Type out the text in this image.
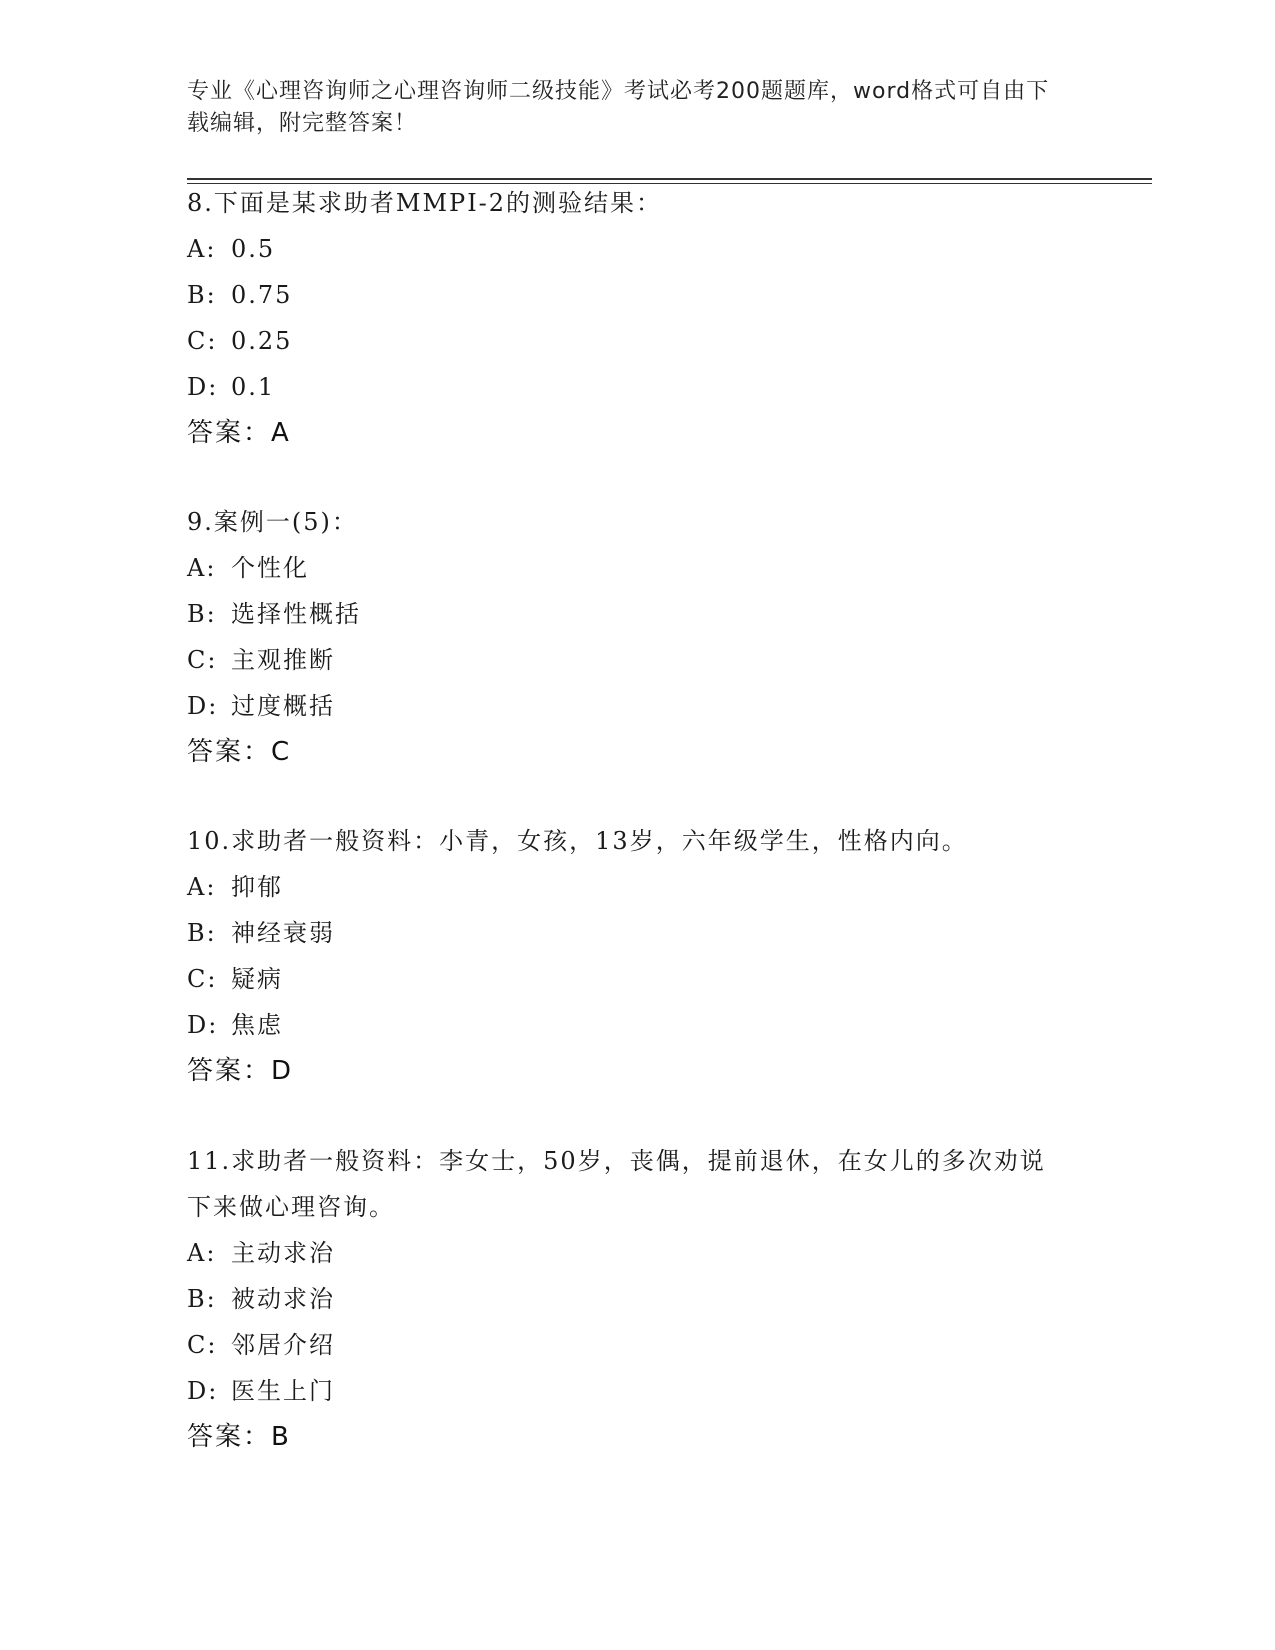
专业《心理咨询师之心理咨询师二级技能》考试必考200题题库，word格式可自由下载编辑，附完整答案！
8.下面是某求助者MMPI-2的测验结果：
A: 0.5
B: 0.75
C: 0.25
D: 0.1
答案：A
9.案例一(5)：
A: 个性化
B: 选择性概括
C: 主观推断
D: 过度概括
答案：C
10.求助者一般资料：小青，女孩，13岁，六年级学生，性格内向。
A: 抑郁
B: 神经衰弱
C: 疑病
D: 焦虑
答案：D
11.求助者一般资料：李女士，50岁，丧偶，提前退休，在女儿的多次劝说下来做心理咨询。
A: 主动求治
B: 被动求治
C: 邻居介绍
D: 医生上门
答案：B
